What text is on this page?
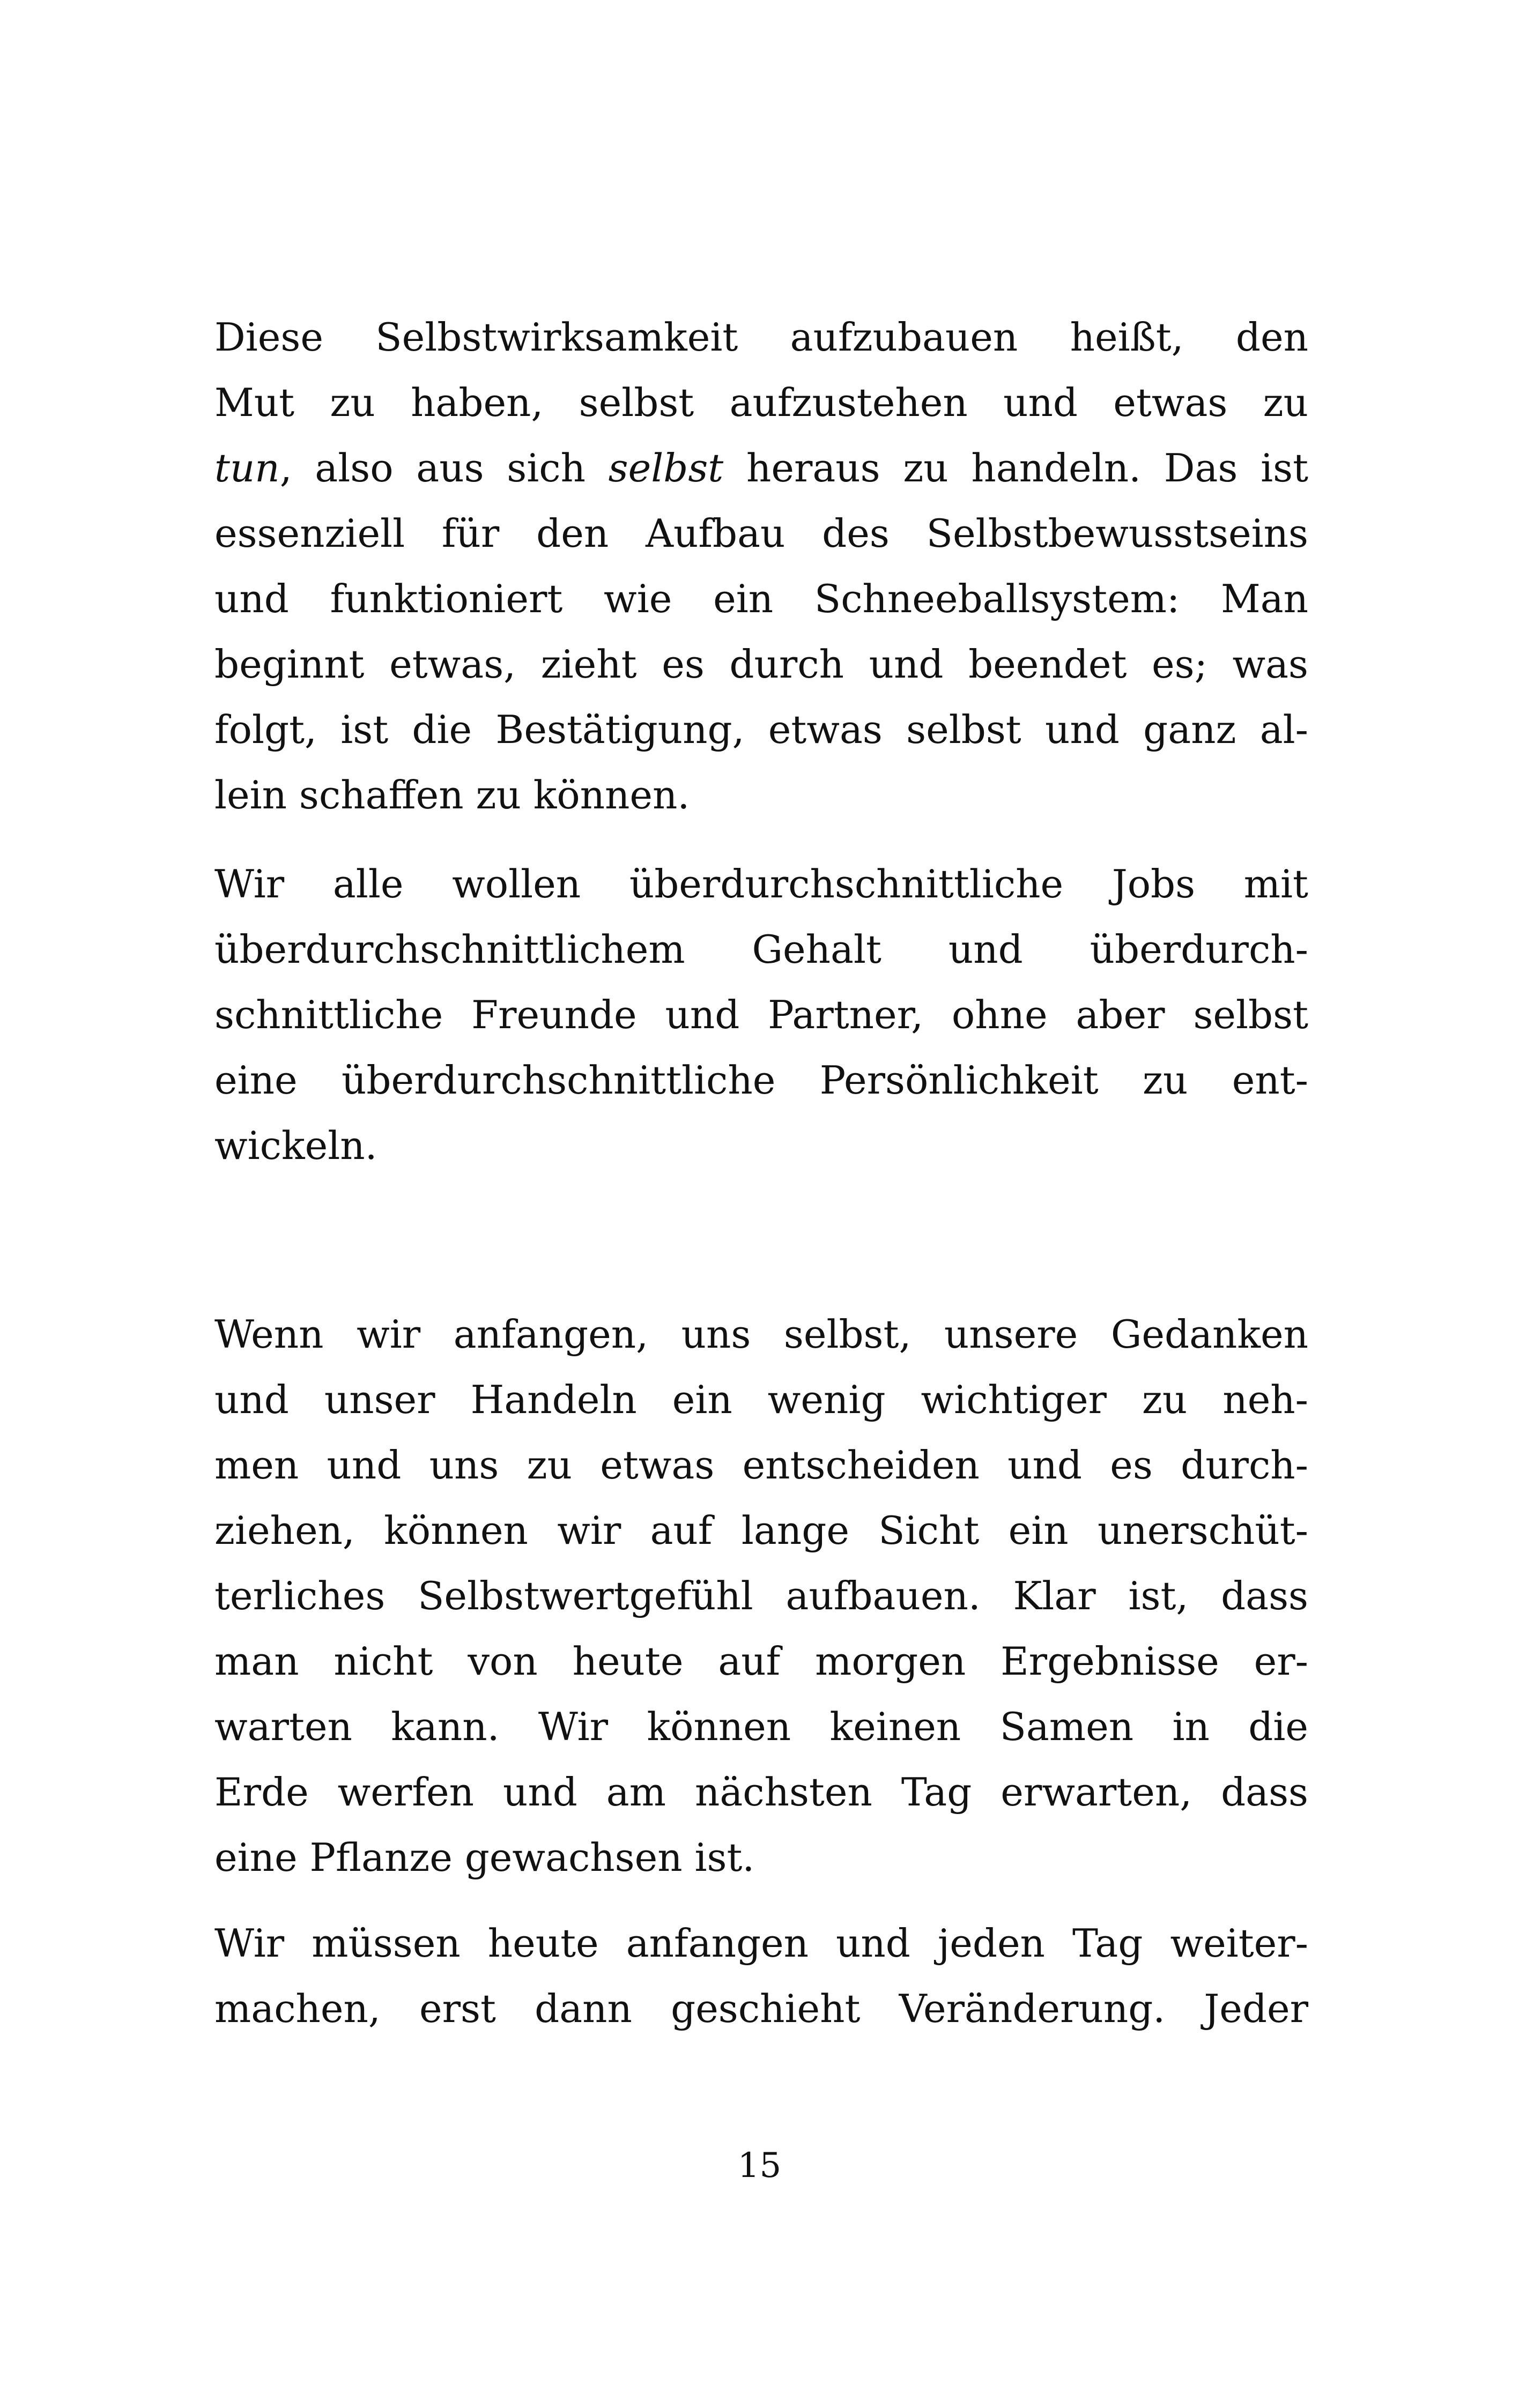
Diese Selbstwirksamkeit aufzubauen heißt, den
Mut zu haben, selbst aufzustehen und etwas zu
tun, also aus sich selbst heraus zu handeln. Das ist
essenziell für den Aufbau des Selbstbewusstseins
und funktioniert wie ein Schneeballsystem: Man
beginnt etwas, zieht es durch und beendet es; was
folgt, ist die Bestätigung, etwas selbst und ganz al-
lein schaffen zu können.
Wir alle wollen überdurchschnittliche Jobs mit
überdurchschnittlichem Gehalt und überdurch-
schnittliche Freunde und Partner, ohne aber selbst
eine überdurchschnittliche Persönlichkeit zu ent-
wickeln.
Wenn wir anfangen, uns selbst, unsere Gedanken
und unser Handeln ein wenig wichtiger zu neh-
men und uns zu etwas entscheiden und es durch-
ziehen, können wir auf lange Sicht ein unerschüt-
terliches Selbstwertgefühl aufbauen. Klar ist, dass
man nicht von heute auf morgen Ergebnisse er-
warten kann. Wir können keinen Samen in die
Erde werfen und am nächsten Tag erwarten, dass
eine Pflanze gewachsen ist.
Wir müssen heute anfangen und jeden Tag weiter-
machen, erst dann geschieht Veränderung. Jeder
15
